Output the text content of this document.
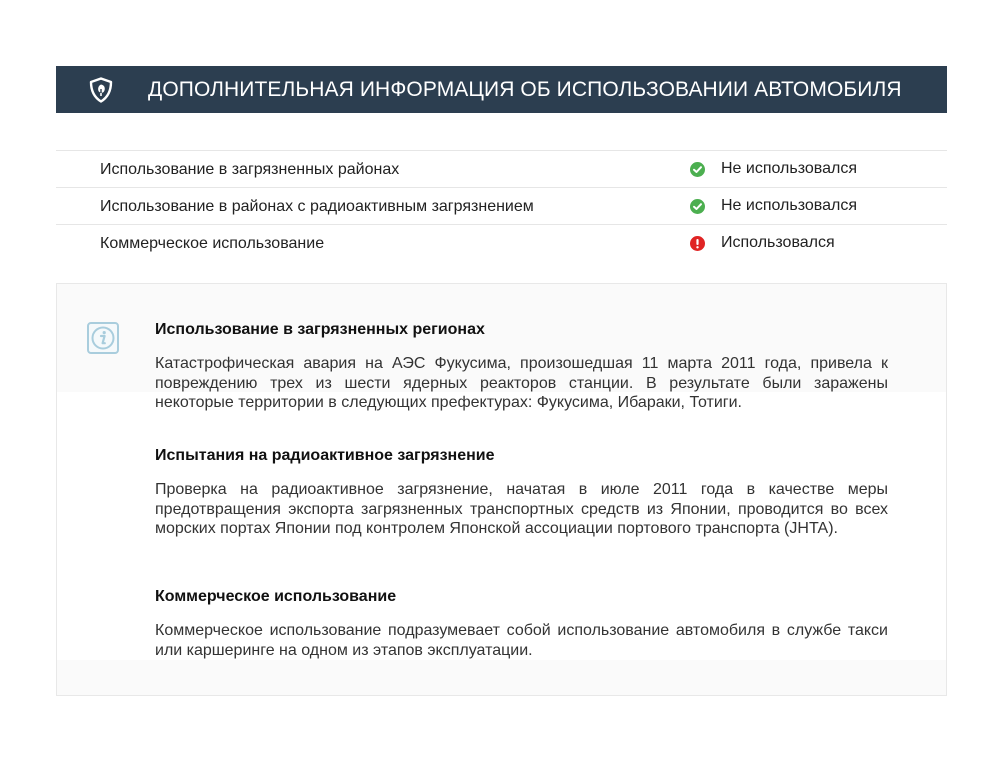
ДОПОЛНИТЕЛЬНАЯ ИНФОРМАЦИЯ ОБ ИСПОЛЬЗОВАНИИ АВТОМОБИЛЯ
Использование в загрязненных районах	Не использовался
Использование в районах с радиоактивным загрязнением	Не использовался
Коммерческое использование	Использовался

Использование в загрязненных регионах

Катастрофическая авария на АЭС Фукусима, произошедшая 11 марта 2011 года, привела к повреждению трех из шести ядерных реакторов станции. В результате были заражены некоторые территории в следующих префектурах: Фукусима, Ибараки, Тотиги.

Испытания на радиоактивное загрязнение

Проверка на радиоактивное загрязнение, начатая в июле 2011 года в качестве меры предотвращения экспорта загрязненных транспортных средств из Японии, проводится во всех морских портах Японии под контролем Японской ассоциации портового транспорта (JHTA).

Коммерческое использование

Коммерческое использование подразумевает собой использование автомобиля в службе такси или каршеринге на одном из этапов эксплуатации.
